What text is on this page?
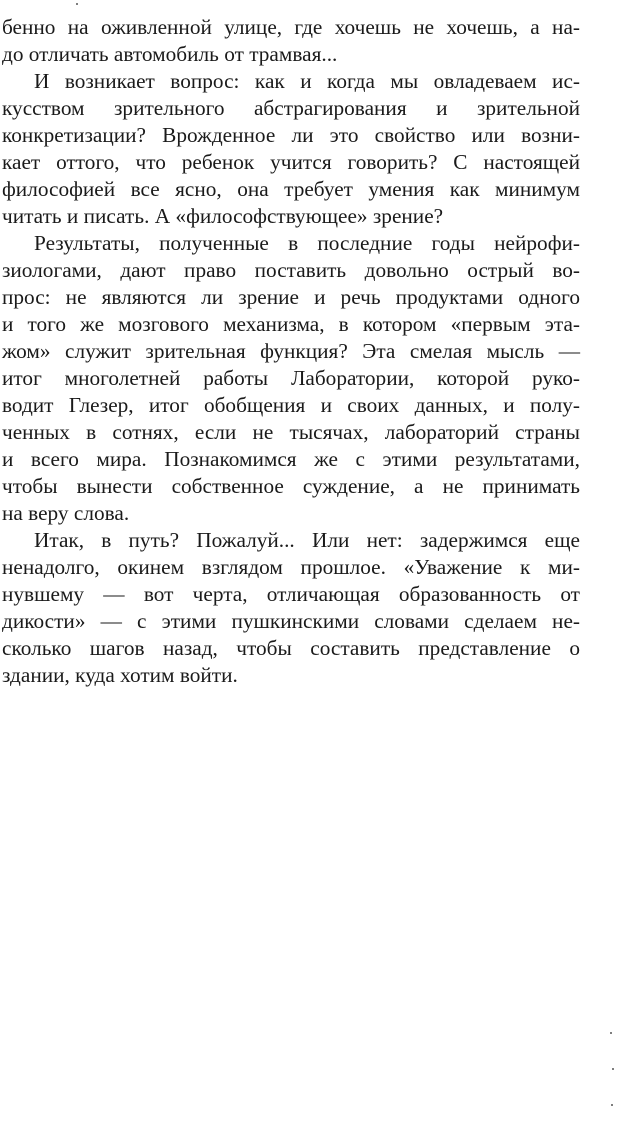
бенно на оживленной улице, где хочешь не хочешь, а на-
до отличать автомобиль от трамвая...

И возникает вопрос: как и когда мы овладеваем ис-
кусством зрительного абстрагирования и зрительной
конкретизации? Врожденное ли это свойство или возни-
кает оттого, что ребенок учится говорить? С настоящей
философией все ясно, она требует умения как минимум
читать и писать. А «философствующее» зрение?

Результаты, полученные в последние годы нейрофи-
зиологами, дают право поставить довольно острый во-
прос: не являются ли зрение и речь продуктами одного
и того же мозгового механизма, в котором «первым эта-
жом» служит зрительная функция? Эта смелая мысль —
итог многолетней работы Лаборатории, которой руко-
водит Глезер, итог обобщения и своих данных, и полу-
ченных в сотнях, если не тысячах, лабораторий страны
и всего мира. Познакомимся же с этими результатами,
чтобы вынести собственное суждение, а не принимать
на веру слова.

Итак, в путь? Пожалуй... Или нет: задержимся еще
ненадолго, окинем взглядом прошлое. «Уважение к ми-
нувшему — вот черта, отличающая образованность от
дикости» — с этими пушкинскими словами сделаем не-
сколько шагов назад, чтобы составить представление о
здании, куда хотим войти.
